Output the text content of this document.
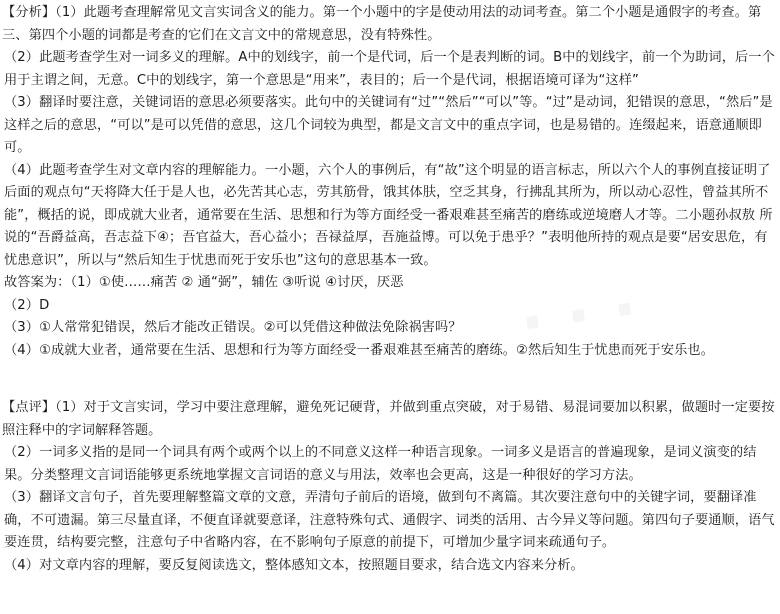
【分析】（1）此题考查理解常见文言实词含义的能力。第一个小题中的字是使动用法的动词考查。第二个小题是通假字的考查。第三、第四个小题的词都是考查的它们在文言文中的常规意思，没有特殊性。

（2）此题考查学生对一词多义的理解。A中的划线字，前一个是代词，后一个是表判断的词。B中的划线字，前一个为助词，后一个用于主谓之间，无意。C中的划线字，第一个意思是“用来”，表目的；后一个是代词，根据语境可译为“这样”

（3）翻译时要注意，关键词语的意思必须要落实。此句中的关键词有“过”“然后”“可以”等。“过”是动词，犯错误的意思，“然后”是这样之后的意思，“可以”是可以凭借的意思，这几个词较为典型，都是文言文中的重点字词，也是易错的。连缀起来，语意通顺即可。

（4）此题考查学生对文章内容的理解能力。一小题，六个人的事例后，有“故”这个明显的语言标志，所以六个人的事例直接证明了后面的观点句“天将降大任于是人也，必先苦其心志，劳其筋骨，饿其体肤，空乏其身，行拂乱其所为，所以动心忍性，曾益其所不能”，概括的说，即成就大业者，通常要在生活、思想和行为等方面经受一番艰难甚至痛苦的磨练或逆境磨人才等。二小题孙叔敖 所说的“吾爵益高，吾志益下④；吾官益大，吾心益小；吾禄益厚，吾施益博。可以免于患乎？”表明他所持的观点是要“居安思危，有忧患意识”，所以与“然后知生于忧患而死于安乐也”这句的意思基本一致。

故答案为：（1）①使……痛苦 ② 通“弼”，辅佐 ③听说 ④讨厌，厌恶

（2）D

（3）①人常常犯错误，然后才能改正错误。②可以凭借这种做法免除祸害吗？

（4）①成就大业者，通常要在生活、思想和行为等方面经受一番艰难甚至痛苦的磨练。②然后知生于忧患而死于安乐也。

【点评】（1）对于文言实词，学习中要注意理解，避免死记硬背，并做到重点突破，对于易错、易混词要加以积累，做题时一定要按照注释中的字词解释答题。

（2）一词多义指的是同一个词具有两个或两个以上的不同意义这样一种语言现象。一词多义是语言的普遍现象，是词义演变的结果。分类整理文言词语能够更系统地掌握文言词语的意义与用法，效率也会更高，这是一种很好的学习方法。

（3）翻译文言句子，首先要理解整篇文章的文意，弄清句子前后的语境，做到句不离篇。其次要注意句中的关键字词，要翻译准确，不可遗漏。第三尽量直译，不便直译就要意译，注意特殊句式、通假字、词类的活用、古今异义等问题。第四句子要通顺，语气要连贯，结构要完整，注意句子中省略内容，在不影响句子原意的前提下，可增加少量字词来疏通句子。

（4）对文章内容的理解，要反复阅读选文，整体感知文本，按照题目要求，结合选文内容来分析。
